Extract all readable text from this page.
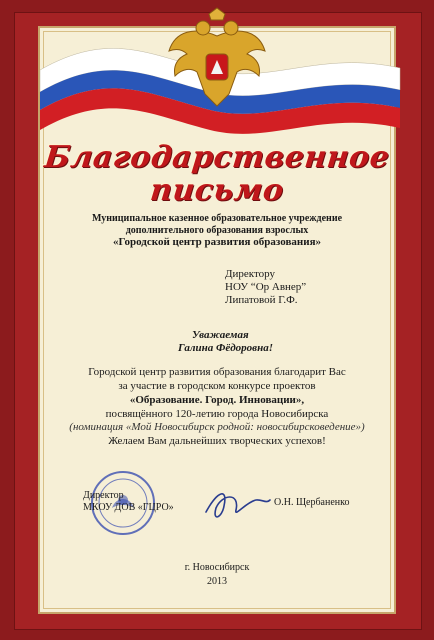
Благодарственное
письмо
Муниципальное казенное образовательное учреждение
дополнительного образования взрослых
«Городской центр развития образования»
Директору
НОУ “Ор Авнер”
Липатовой Г.Ф.
Уважаемая
Галина Фёдоровна!
Городской центр развития образования благодарит Вас
за участие в городском конкурсе проектов
«Образование. Город. Инновации»,
посвящённого 120-летию города Новосибирска
(номинация «Мой Новосибирск родной: новосибирсковедение»)
Желаем Вам дальнейших творческих успехов!
Директор
МКОУ ДОВ «ГЦРО»	О.Н. Щербаненко
г. Новосибирск
2013
